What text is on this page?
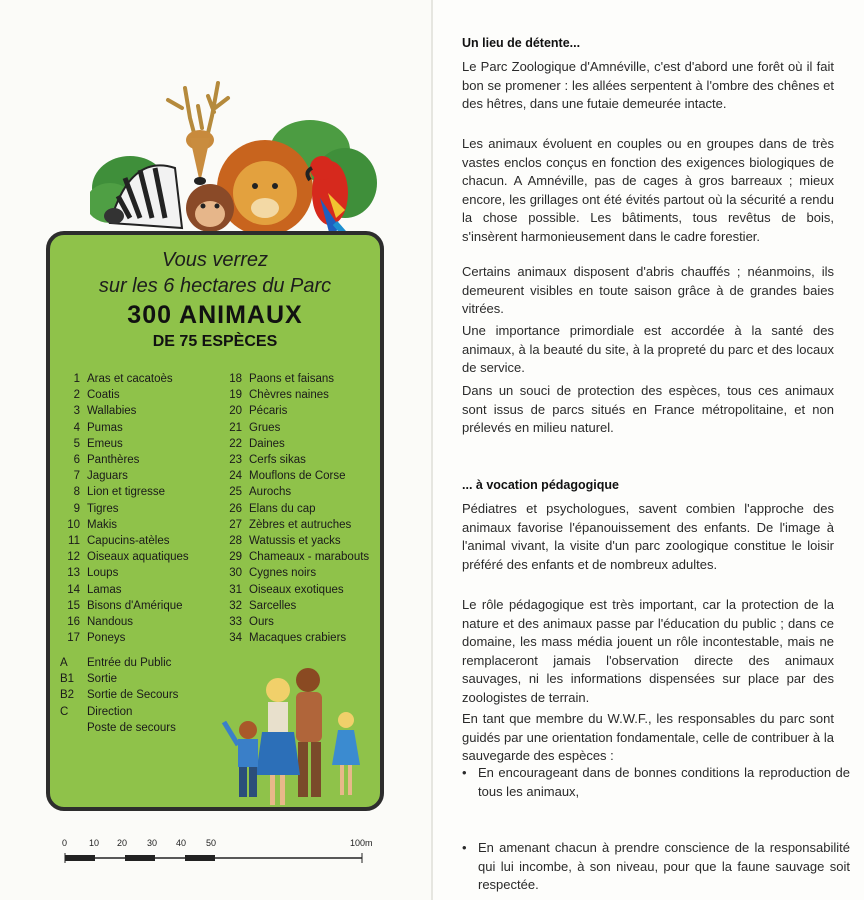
Vous verrez
sur les 6 hectares du Parc
300 ANIMAUX
DE 75 ESPÈCES
1 Aras et cacatoès
2 Coatis
3 Wallabies
4 Pumas
5 Emeus
6 Panthères
7 Jaguars
8 Lion et tigresse
9 Tigres
10 Makis
11 Capucins-atèles
12 Oiseaux aquatiques
13 Loups
14 Lamas
15 Bisons d'Amérique
16 Nandous
17 Poneys
18 Paons et faisans
19 Chèvres naines
20 Pécaris
21 Grues
22 Daines
23 Cerfs sikas
24 Mouflons de Corse
25 Aurochs
26 Elans du cap
27 Zèbres et autruches
28 Watussis et yacks
29 Chameaux - marabouts
30 Cygnes noirs
31 Oiseaux exotiques
32 Sarcelles
33 Ours
34 Macaques crabiers
A	Entrée du Public
B1	Sortie
B2	Sortie de Secours
C	Direction
Poste de secours
0 10 20 30 40 50	100m
Un lieu de détente...

Le Parc Zoologique d'Amnéville, c'est d'abord une forêt où il fait bon se promener : les allées serpentent à l'ombre des chênes et des hêtres, dans une futaie demeurée intacte.

Les animaux évoluent en couples ou en groupes dans de très vastes enclos conçus en fonction des exigences biologiques de chacun. A Amnéville, pas de cages à gros barreaux ; mieux encore, les grillages ont été évités partout où la sécurité a rendu la chose possible. Les bâtiments, tous revêtus de bois, s'insèrent harmonieusement dans le cadre forestier.

Certains animaux disposent d'abris chauffés ; néanmoins, ils demeurent visibles en toute saison grâce à de grandes baies vitrées.

Une importance primordiale est accordée à la santé des animaux, à la beauté du site, à la propreté du parc et des locaux de service.

Dans un souci de protection des espèces, tous ces animaux sont issus de parcs situés en France métropolitaine, et non prélevés en milieu naturel.

... à vocation pédagogique

Pédiatres et psychologues, savent combien l'approche des animaux favorise l'épanouissement des enfants. De l'image à l'animal vivant, la visite d'un parc zoologique constitue le loisir préféré des enfants et de nombreux adultes.

Le rôle pédagogique est très important, car la protection de la nature et des animaux passe par l'éducation du public ; dans ce domaine, les mass média jouent un rôle incontestable, mais ne remplaceront jamais l'observation directe des animaux sauvages, ni les informations dispensées sur place par des zoologistes de terrain.

En tant que membre du W.W.F., les responsables du parc sont guidés par une orientation fondamentale, celle de contribuer à la sauvegarde des espèces :

• En encourageant dans de bonnes conditions la reproduction de tous les animaux,
• En amenant chacun à prendre conscience de la responsabilité qui lui incombe, à son niveau, pour que la faune sauvage soit respectée.
